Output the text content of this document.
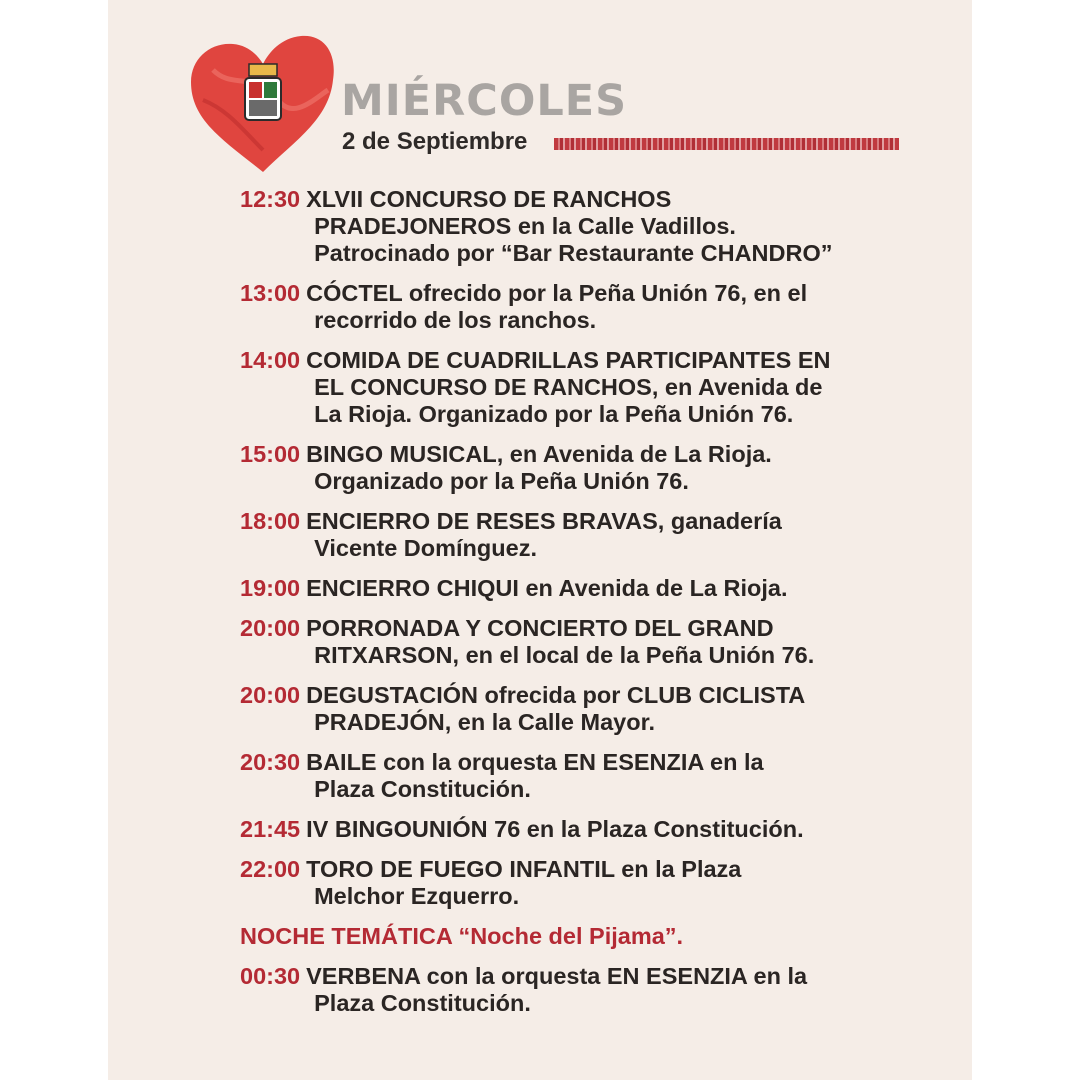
MIÉRCOLES
2 de Septiembre
12:30 XLVII CONCURSO DE RANCHOS
PRADEJONEROS en la Calle Vadillos.
Patrocinado por “Bar Restaurante CHANDRO”
13:00 CÓCTEL ofrecido por la Peña Unión 76, en el
recorrido de los ranchos.
14:00 COMIDA DE CUADRILLAS PARTICIPANTES EN
EL CONCURSO DE RANCHOS, en Avenida de
La Rioja. Organizado por la Peña Unión 76.
15:00 BINGO MUSICAL, en Avenida de La Rioja.
Organizado por la Peña Unión 76.
18:00 ENCIERRO DE RESES BRAVAS, ganadería
Vicente Domínguez.
19:00 ENCIERRO CHIQUI en Avenida de La Rioja.
20:00 PORRONADA Y CONCIERTO DEL GRAND
RITXARSON, en el local de la Peña Unión 76.
20:00 DEGUSTACIÓN ofrecida por CLUB CICLISTA
PRADEJÓN, en la Calle Mayor.
20:30 BAILE con la orquesta EN ESENZIA en la
Plaza Constitución.
21:45 IV BINGOUNIÓN 76 en la Plaza Constitución.
22:00 TORO DE FUEGO INFANTIL en la Plaza
Melchor Ezquerro.
NOCHE TEMÁTICA “Noche del Pijama”.
00:30 VERBENA con la orquesta EN ESENZIA en la
Plaza Constitución.
